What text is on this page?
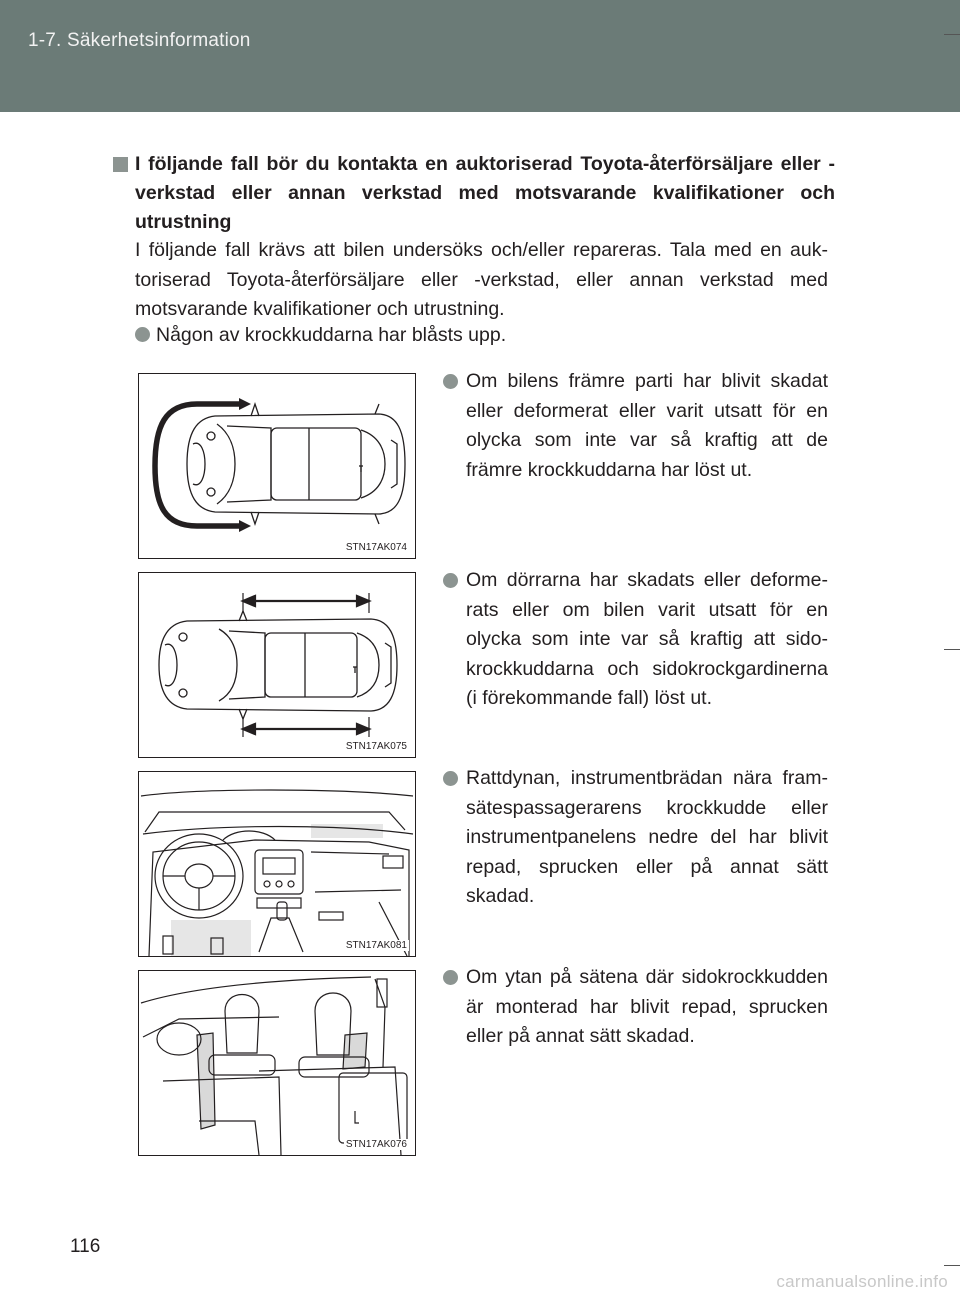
1-7. Säkerhetsinformation
I följande fall bör du kontakta en auktoriserad Toyota-återförsäljare eller -verkstad eller annan verkstad med motsvarande kvalifikationer och utrustning
I följande fall krävs att bilen undersöks och/eller repareras. Tala med en auk-toriserad Toyota-återförsäljare eller -verkstad, eller annan verkstad med motsvarande kvalifikationer och utrustning.
Någon av krockkuddarna har blåsts upp.
STN17AK074
STN17AK075
STN17AK081
STN17AK076
Om bilens främre parti har blivit skadat eller deformerat eller varit utsatt för en olycka som inte var så kraftig att de främre krockkuddarna har löst ut.
Om dörrarna har skadats eller deforme-rats eller om bilen varit utsatt för en olycka som inte var så kraftig att sido-krockkuddarna och sidokrockgardinerna (i förekommande fall) löst ut.
Rattdynan, instrumentbrädan nära fram-sätespassagerarens krockkudde eller instrumentpanelens nedre del har blivit repad, sprucken eller på annat sätt skadad.
Om ytan på sätena där sidokrockkudden är monterad har blivit repad, sprucken eller på annat sätt skadad.
116
carmanualsonline.info
